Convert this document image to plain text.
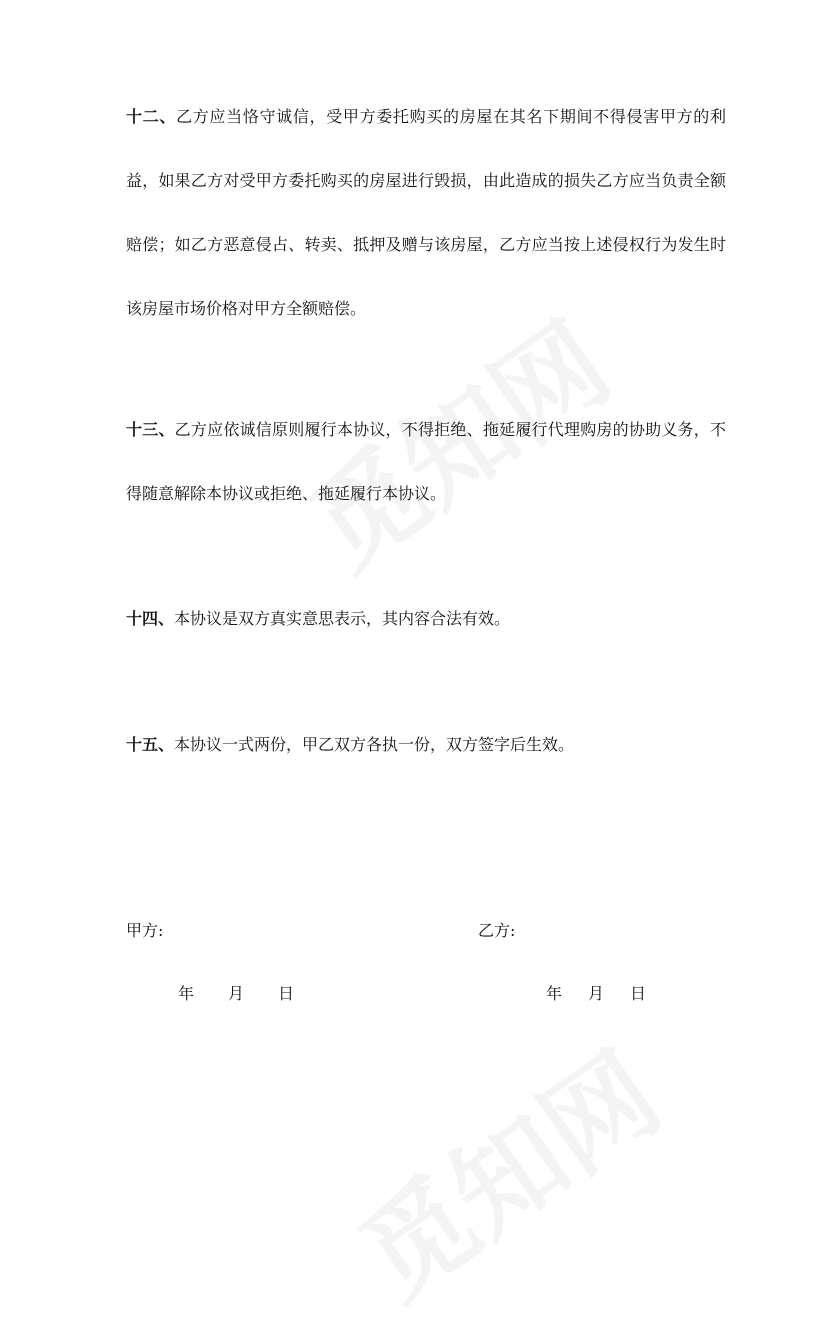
十二、乙方应当恪守诚信，受甲方委托购买的房屋在其名下期间不得侵害甲方的利益，如果乙方对受甲方委托购买的房屋进行毁损，由此造成的损失乙方应当负责全额赔偿；如乙方恶意侵占、转卖、抵押及赠与该房屋，乙方应当按上述侵权行为发生时该房屋市场价格对甲方全额赔偿。

十三、乙方应依诚信原则履行本协议，不得拒绝、拖延履行代理购房的协助义务，不得随意解除本协议或拒绝、拖延履行本协议。

十四、本协议是双方真实意思表示，其内容合法有效。

十五、本协议一式两份，甲乙双方各执一份，双方签字后生效。

甲方:	乙方:
年	月	日	年	月	日
